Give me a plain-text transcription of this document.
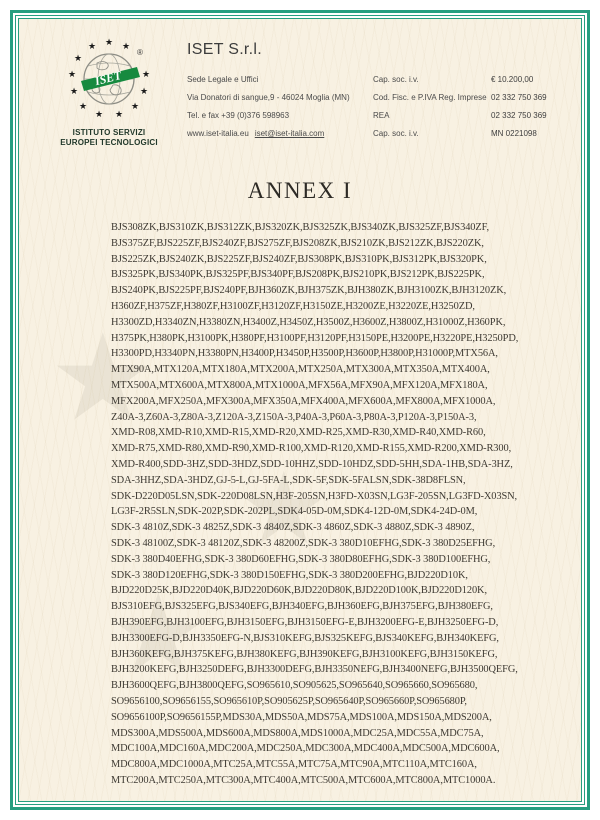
★
★
★
ISET
®
★
★	★
★
★	★
★	★
★	★
★ ★
ISTITUTO SERVIZI
EUROPEI TECNOLOGICI
ISET S.r.l.
Sede Legale e Uffici
Via Donatori di sangue,9 - 46024 Moglia (MN)
Tel. e fax +39 (0)376 598963
www.iset-italia.eu iset@iset-italia.com
Cap. soc. i.v.	€ 10.200,00
Cod. Fisc. e P.IVA Reg. Imprese 02 332 750 369
REA	02 332 750 369
Cap. soc. i.v.	MN 0221098
ANNEX I
BJS308ZK,BJS310ZK,BJS312ZK,BJS320ZK,BJS325ZK,BJS340ZK,BJS325ZF,BJS340ZF,
BJS375ZF,BJS225ZF,BJS240ZF,BJS275ZF,BJS208ZK,BJS210ZK,BJS212ZK,BJS220ZK,
BJS225ZK,BJS240ZK,BJS225ZF,BJS240ZF,BJS308PK,BJS310PK,BJS312PK,BJS320PK,
BJS325PK,BJS340PK,BJS325PF,BJS340PF,BJS208PK,BJS210PK,BJS212PK,BJS225PK,
BJS240PK,BJS225PF,BJS240PF,BJH360ZK,BJH375ZK,BJH380ZK,BJH3100ZK,BJH3120ZK,
H360ZF,H375ZF,H380ZF,H3100ZF,H3120ZF,H3150ZE,H3200ZE,H3220ZE,H3250ZD,
H3300ZD,H3340ZN,H3380ZN,H3400Z,H3450Z,H3500Z,H3600Z,H3800Z,H31000Z,H360PK,
H375PK,H380PK,H3100PK,H380PF,H3100PF,H3120PF,H3150PE,H3200PE,H3220PE,H3250PD,
H3300PD,H3340PN,H3380PN,H3400P,H3450P,H3500P,H3600P,H3800P,H31000P,MTX56A,
MTX90A,MTX120A,MTX180A,MTX200A,MTX250A,MTX300A,MTX350A,MTX400A,
MTX500A,MTX600A,MTX800A,MTX1000A,MFX56A,MFX90A,MFX120A,MFX180A,
MFX200A,MFX250A,MFX300A,MFX350A,MFX400A,MFX600A,MFX800A,MFX1000A,
Z40A-3,Z60A-3,Z80A-3,Z120A-3,Z150A-3,P40A-3,P60A-3,P80A-3,P120A-3,P150A-3,
XMD-R08,XMD-R10,XMD-R15,XMD-R20,XMD-R25,XMD-R30,XMD-R40,XMD-R60,
XMD-R75,XMD-R80,XMD-R90,XMD-R100,XMD-R120,XMD-R155,XMD-R200,XMD-R300,
XMD-R400,SDD-3HZ,SDD-3HDZ,SDD-10HHZ,SDD-10HDZ,SDD-5HH,SDA-1HB,SDA-3HZ,
SDA-3HHZ,SDA-3HDZ,GJ-5-L,GJ-5FA-L,SDK-5F,SDK-5FALSN,SDK-38D8FLSN,
SDK-D220D05LSN,SDK-220D08LSN,H3F-205SN,H3FD-X03SN,LG3F-205SN,LG3FD-X03SN,
LG3F-2R5SLN,SDK-202P,SDK-202PL,SDK4-05D-0M,SDK4-12D-0M,SDK4-24D-0M,
SDK-3 4810Z,SDK-3 4825Z,SDK-3 4840Z,SDK-3 4860Z,SDK-3 4880Z,SDK-3 4890Z,
SDK-3 48100Z,SDK-3 48120Z,SDK-3 48200Z,SDK-3 380D10EFHG,SDK-3 380D25EFHG,
SDK-3 380D40EFHG,SDK-3 380D60EFHG,SDK-3 380D80EFHG,SDK-3 380D100EFHG,
SDK-3 380D120EFHG,SDK-3 380D150EFHG,SDK-3 380D200EFHG,BJD220D10K,
BJD220D25K,BJD220D40K,BJD220D60K,BJD220D80K,BJD220D100K,BJD220D120K,
BJS310EFG,BJS325EFG,BJS340EFG,BJH340EFG,BJH360EFG,BJH375EFG,BJH380EFG,
BJH390EFG,BJH3100EFG,BJH3150EFG,BJH3150EFG-E,BJH3200EFG-E,BJH3250EFG-D,
BJH3300EFG-D,BJH3350EFG-N,BJS310KEFG,BJS325KEFG,BJS340KEFG,BJH340KEFG,
BJH360KEFG,BJH375KEFG,BJH380KEFG,BJH390KEFG,BJH3100KEFG,BJH3150KEFG,
BJH3200KEFG,BJH3250DEFG,BJH3300DEFG,BJH3350NEFG,BJH3400NEFG,BJH3500QEFG,
BJH3600QEFG,BJH3800QEFG,SO965610,SO905625,SO965640,SO965660,SO965680,
SO9656100,SO9656155,SO965610P,SO905625P,SO965640P,SO965660P,SO965680P,
SO9656100P,SO9656155P,MDS30A,MDS50A,MDS75A,MDS100A,MDS150A,MDS200A,
MDS300A,MDS500A,MDS600A,MDS800A,MDS1000A,MDC25A,MDC55A,MDC75A,
MDC100A,MDC160A,MDC200A,MDC250A,MDC300A,MDC400A,MDC500A,MDC600A,
MDC800A,MDC1000A,MTC25A,MTC55A,MTC75A,MTC90A,MTC110A,MTC160A,
MTC200A,MTC250A,MTC300A,MTC400A,MTC500A,MTC600A,MTC800A,MTC1000A.
